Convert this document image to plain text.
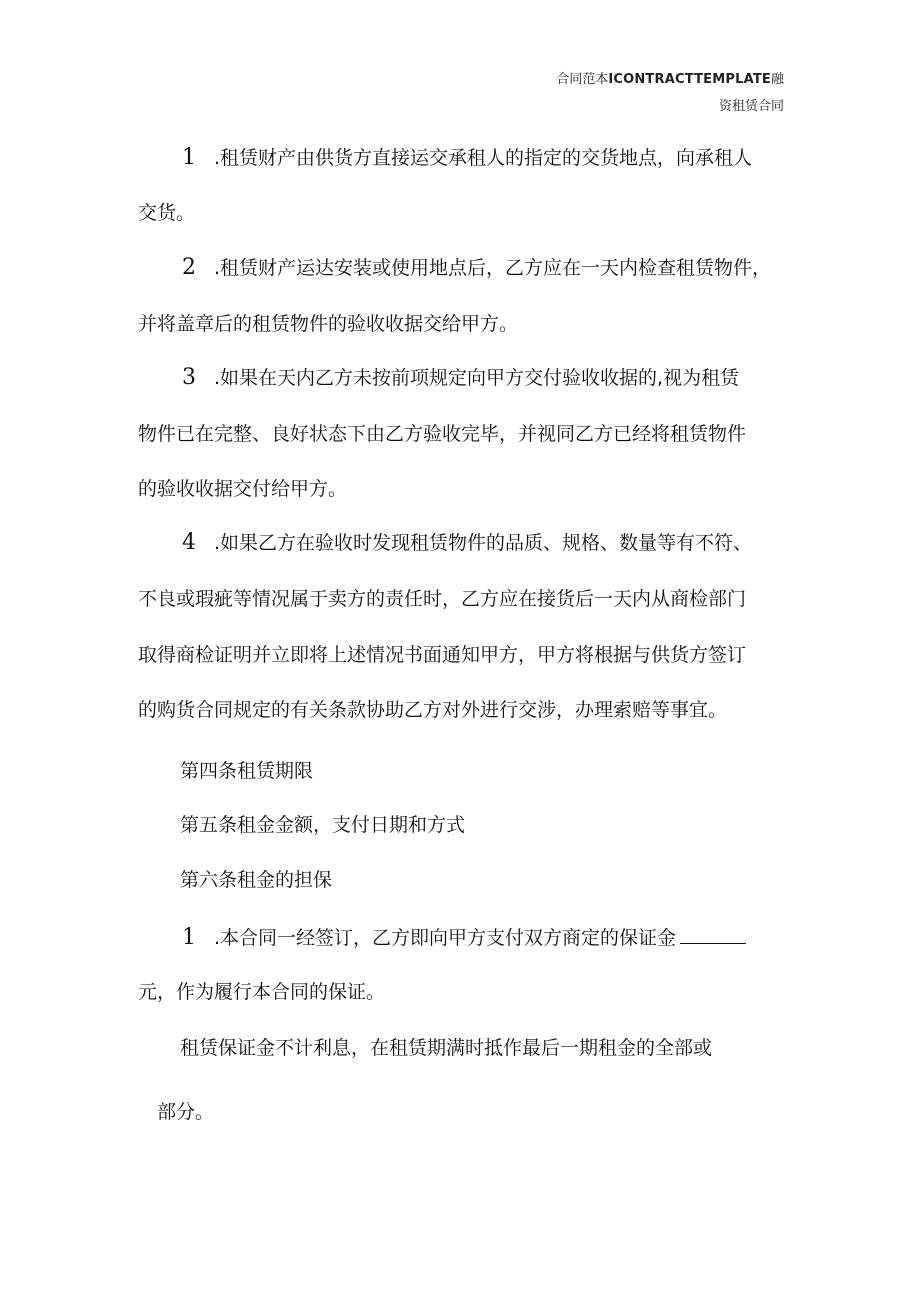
合同范本ICONTRACTTEMPLATE融
资租赁合同
1 .租赁财产由供货方直接运交承租人的指定的交货地点，向承租人
交货。
2 .租赁财产运达安装或使用地点后，乙方应在一天内检查租赁物件，
并将盖章后的租赁物件的验收收据交给甲方。
3 .如果在天内乙方未按前项规定向甲方交付验收收据的,视为租赁
物件已在完整、良好状态下由乙方验收完毕，并视同乙方已经将租赁物件
的验收收据交付给甲方。
4 .如果乙方在验收时发现租赁物件的品质、规格、数量等有不符、
不良或瑕疵等情况属于卖方的责任时，乙方应在接货后一天内从商检部门
取得商检证明并立即将上述情况书面通知甲方，甲方将根据与供货方签订
的购货合同规定的有关条款协助乙方对外进行交涉，办理索赔等事宜。
第四条租赁期限
第五条租金金额，支付日期和方式
第六条租金的担保
1 .本合同一经签订，乙方即向甲方支付双方商定的保证金
元，作为履行本合同的保证。
租赁保证金不计利息，在租赁期满时抵作最后一期租金的全部或
部分。
